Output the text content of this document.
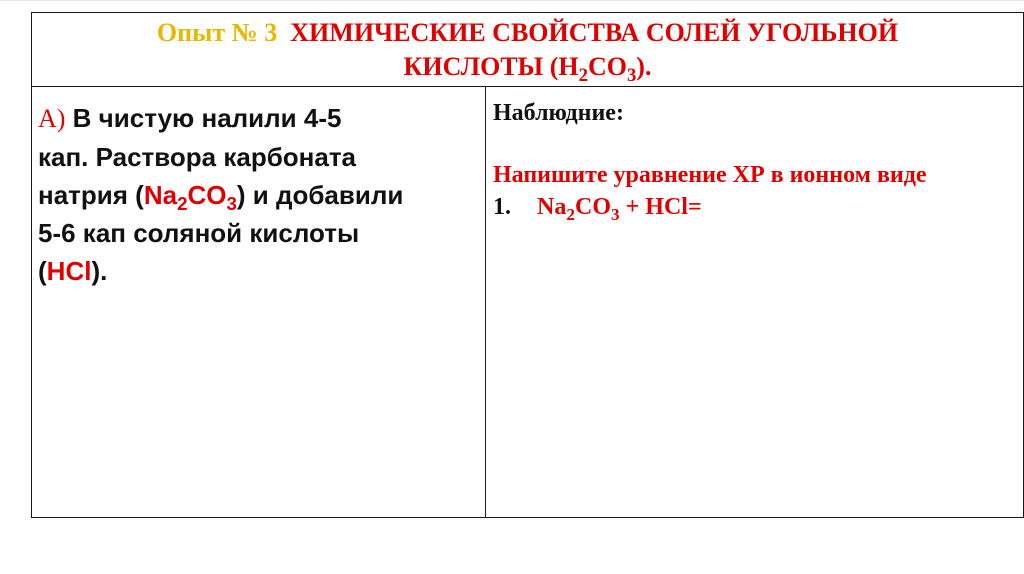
Опыт № 3 ХИМИЧЕСКИЕ СВОЙСТВА СОЛЕЙ УГОЛЬНОЙ
КИСЛОТЫ $(H_2CO_3)$.
А) В чистую налили 4-5
кап. Раствора карбоната
натрия $(Na_2CO_3)$ и добавили
5-6 кап соляной кислоты
(HCl).
Наблюдние:
Напишите уравнение ХР в ионном виде
1. $Na_2CO_3 + HCl=$
